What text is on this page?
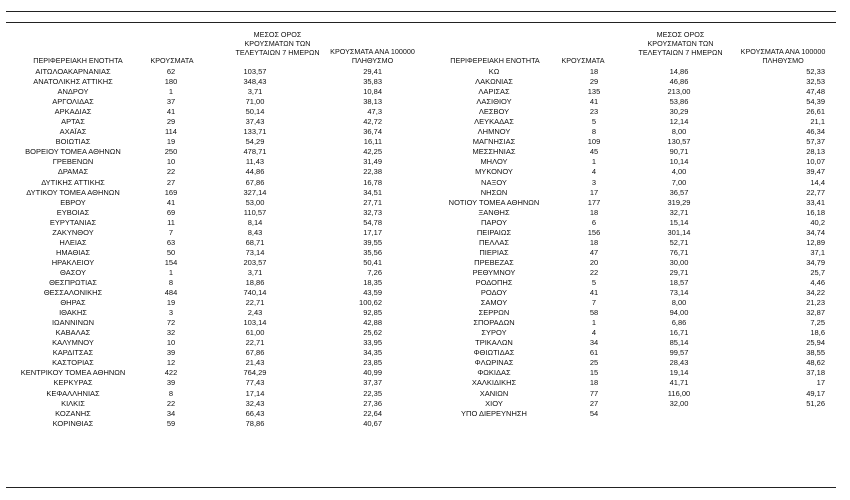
ΠΕΡΙΦΕΡΕΙΑΚΗ ΕΝΟΤΗΤΑ	ΚΡΟΥΣΜΑΤΑ
ΜΕΣΟΣ ΟΡΟΣ
ΚΡΟΥΣΜΑΤΩΝ ΤΩΝ
ΤΕΛΕΥΤΑΙΩΝ 7 ΗΜΕΡΩΝ	ΚΡΟΥΣΜΑΤΑ ΑΝΑ 100000
ΠΛΗΘΥΣΜΟ	ΠΕΡΙΦΕΡΕΙΑΚΗ ΕΝΟΤΗΤΑ	ΚΡΟΥΣΜΑΤΑ
ΜΕΣΟΣ ΟΡΟΣ
ΚΡΟΥΣΜΑΤΩΝ ΤΩΝ
ΤΕΛΕΥΤΑΙΩΝ 7 ΗΜΕΡΩΝ	ΚΡΟΥΣΜΑΤΑ ΑΝΑ 100000
ΠΛΗΘΥΣΜΟ
ΑΙΤΩΛΟΑΚΑΡΝΑΝΙΑΣ	62	103,57	29,41
ΑΝΑΤΟΛΙΚΗΣ ΑΤΤΙΚΗΣ	180	348,43	35,83
ΑΝΔΡΟΥ	1	3,71	10,84
ΑΡΓΟΛΙΔΑΣ	37	71,00	38,13
ΑΡΚΑΔΙΑΣ	41	50,14	47,3
ΑΡΤΑΣ	29	37,43	42,72
ΑΧΑΪΑΣ	114	133,71	36,74
ΒΟΙΩΤΙΑΣ	19	54,29	16,11
ΒΟΡΕΙΟΥ ΤΟΜΕΑ ΑΘΗΝΩΝ	250	478,71	42,25
ΓΡΕΒΕΝΩΝ	10	11,43	31,49
ΔΡΑΜΑΣ	22	44,86	22,38
ΔΥΤΙΚΗΣ ΑΤΤΙΚΗΣ	27	67,86	16,78
ΔΥΤΙΚΟΥ ΤΟΜΕΑ ΑΘΗΝΩΝ	169	327,14	34,51
ΕΒΡΟΥ	41	53,00	27,71
ΕΥΒΟΙΑΣ	69	110,57	32,73
ΕΥΡΥΤΑΝΙΑΣ	11	8,14	54,78
ΖΑΚΥΝΘΟΥ	7	8,43	17,17
ΗΛΕΙΑΣ	63	68,71	39,55
ΗΜΑΘΙΑΣ	50	73,14	35,56
ΗΡΑΚΛΕΙΟΥ	154	203,57	50,41
ΘΑΣΟΥ	1	3,71	7,26
ΘΕΣΠΡΩΤΙΑΣ	8	18,86	18,35
ΘΕΣΣΑΛΟΝΙΚΗΣ	484	740,14	43,59
ΘΗΡΑΣ	19	22,71	100,62
ΙΘΑΚΗΣ	3	2,43	92,85
ΙΩΑΝΝΙΝΩΝ	72	103,14	42,88
ΚΑΒΑΛΑΣ	32	61,00	25,62
ΚΑΛΥΜΝΟΥ	10	22,71	33,95
ΚΑΡΔΙΤΣΑΣ	39	67,86	34,35
ΚΑΣΤΟΡΙΑΣ	12	21,43	23,85
ΚΕΝΤΡΙΚΟΥ ΤΟΜΕΑ ΑΘΗΝΩΝ	422	764,29	40,99
ΚΕΡΚΥΡΑΣ	39	77,43	37,37
ΚΕΦΑΛΛΗΝΙΑΣ	8	17,14	22,35
ΚΙΛΚΙΣ	22	32,43	27,36
ΚΟΖΑΝΗΣ	34	66,43	22,64
ΚΟΡΙΝΘΙΑΣ	59	78,86	40,67
ΚΩ	18	14,86	52,33
ΛΑΚΩΝΙΑΣ	29	46,86	32,53
ΛΑΡΙΣΑΣ	135	213,00	47,48
ΛΑΣΙΘΙΟΥ	41	53,86	54,39
ΛΕΣΒΟΥ	23	30,29	26,61
ΛΕΥΚΑΔΑΣ	5	12,14	21,1
ΛΗΜΝΟΥ	8	8,00	46,34
ΜΑΓΝΗΣΙΑΣ	109	130,57	57,37
ΜΕΣΣΗΝΙΑΣ	45	90,71	28,13
ΜΗΛΟΥ	1	10,14	10,07
ΜΥΚΟΝΟΥ	4	4,00	39,47
ΝΑΞΟΥ	3	7,00	14,4
ΝΗΣΩΝ	17	36,57	22,77
ΝΟΤΙΟΥ ΤΟΜΕΑ ΑΘΗΝΩΝ	177	319,29	33,41
ΞΑΝΘΗΣ	18	32,71	16,18
ΠΑΡΟΥ	6	15,14	40,2
ΠΕΙΡΑΙΩΣ	156	301,14	34,74
ΠΕΛΛΑΣ	18	52,71	12,89
ΠΙΕΡΙΑΣ	47	76,71	37,1
ΠΡΕΒΕΖΑΣ	20	30,00	34,79
ΡΕΘΥΜΝΟΥ	22	29,71	25,7
ΡΟΔΟΠΗΣ	5	18,57	4,46
ΡΟΔΟΥ	41	73,14	34,22
ΣΑΜΟΥ	7	8,00	21,23
ΣΕΡΡΩΝ	58	94,00	32,87
ΣΠΟΡΑΔΩΝ	1	6,86	7,25
ΣΥΡΟΥ	4	16,71	18,6
ΤΡΙΚΑΛΩΝ	34	85,14	25,94
ΦΘΙΩΤΙΔΑΣ	61	99,57	38,55
ΦΛΩΡΙΝΑΣ	25	28,43	48,62
ΦΩΚΙΔΑΣ	15	19,14	37,18
ΧΑΛΚΙΔΙΚΗΣ	18	41,71	17
ΧΑΝΙΩΝ	77	116,00	49,17
ΧΙΟΥ	27	32,00	51,26
ΥΠΟ ΔΙΕΡΕΥΝΗΣΗ	54		
